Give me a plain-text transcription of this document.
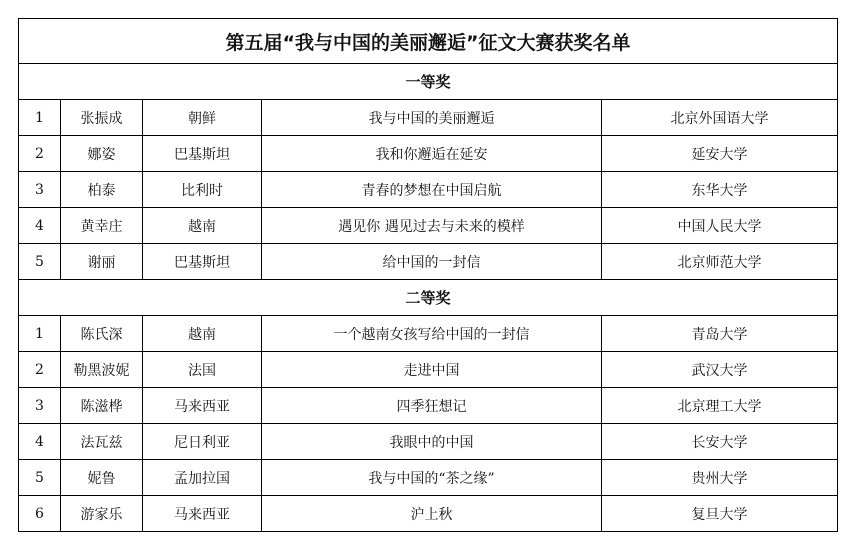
第五届“我与中国的美丽邂逅”征文大赛获奖名单				
一等奖				
1	张振成	朝鲜	我与中国的美丽邂逅	北京外国语大学
2	娜姿	巴基斯坦	我和你邂逅在延安	延安大学
3	柏泰	比利时	青春的梦想在中国启航	东华大学
4	黄幸庄	越南	遇见你 遇见过去与未来的模样	中国人民大学
5	谢丽	巴基斯坦	给中国的一封信	北京师范大学
二等奖				
1	陈氏深	越南	一个越南女孩写给中国的一封信	青岛大学
2	勒黑波妮	法国	走进中国	武汉大学
3	陈滋桦	马来西亚	四季狂想记	北京理工大学
4	法瓦兹	尼日利亚	我眼中的中国	长安大学
5	妮鲁	孟加拉国	我与中国的“茶之缘”	贵州大学
6	游家乐	马来西亚	沪上秋	复旦大学
